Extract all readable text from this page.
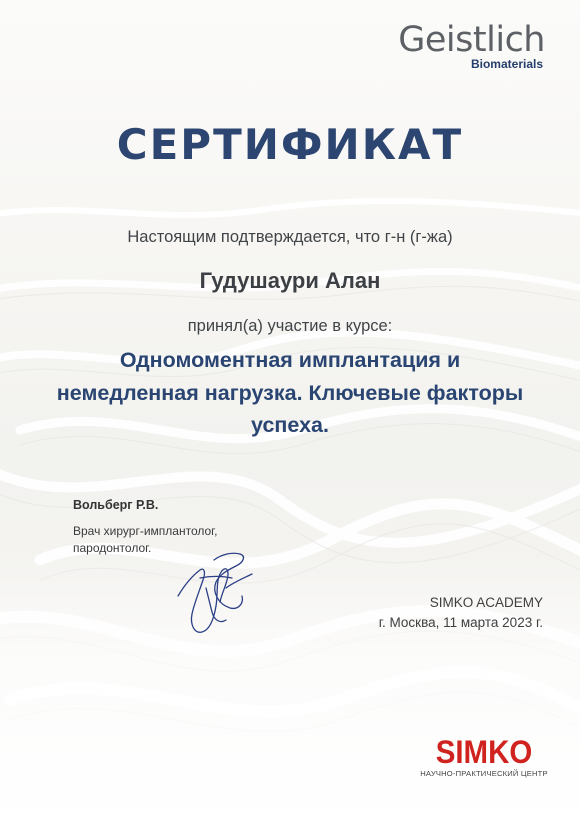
Geistlich
Biomaterials
СЕРТИФИКАТ
Настоящим подтверждается, что г-н (г-жа)
Гудушаури Алан
принял(а) участие в курсе:
Одномоментная имплантация и
немедленная нагрузка. Ключевые факторы
успеха.
Вольберг Р.В.
Врач хирург-имплантолог,
пародонтолог.
SIMKO ACADEMY
г. Москва, 11 марта 2023 г.
SIMKO
НАУЧНО-ПРАКТИЧЕСКИЙ ЦЕНТР
